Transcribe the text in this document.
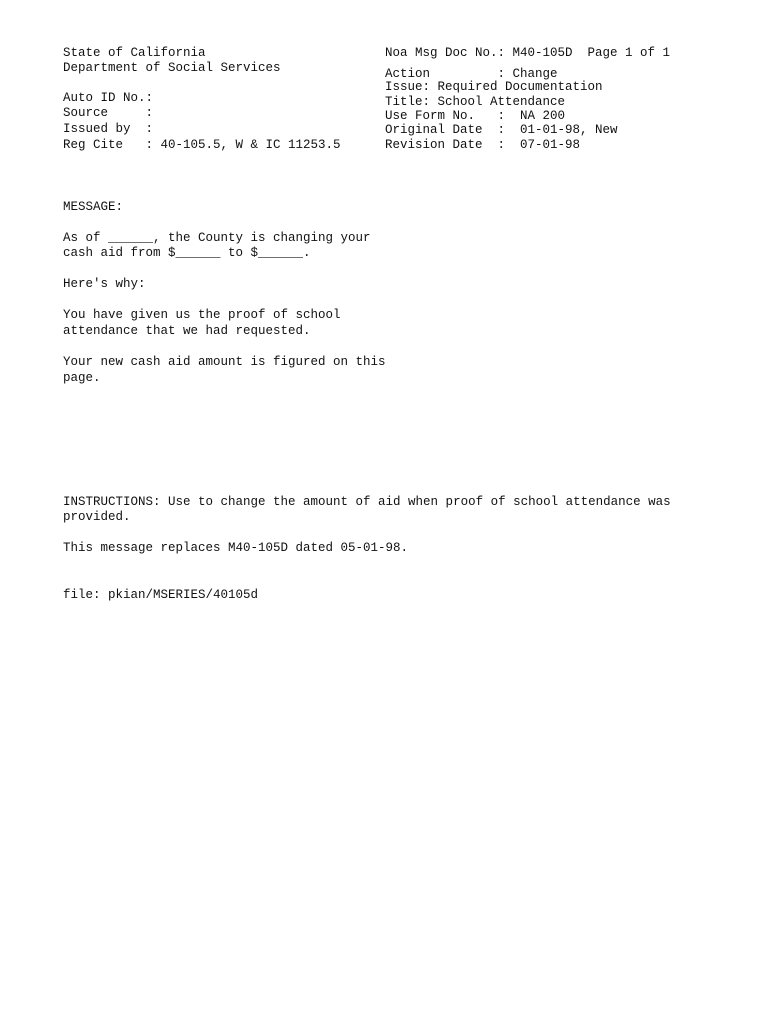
State of California

Department of Social Services

Auto ID No.:

Source     :

Issued by  :

Reg Cite   : 40-105.5, W & IC 11253.5

Noa Msg Doc No.: M40-105D  Page 1 of 1

Action         : Change

Issue: Required Documentation

Title: School Attendance

Use Form No.   :  NA 200

Original Date  :  01-01-98, New

Revision Date  :  07-01-98

MESSAGE:

As of ______, the County is changing your

cash aid from $______ to $______.

Here's why:

You have given us the proof of school

attendance that we had requested.

Your new cash aid amount is figured on this

page.

INSTRUCTIONS: Use to change the amount of aid when proof of school attendance was

provided.

This message replaces M40-105D dated 05-01-98.

file: pkian/MSERIES/40105d
